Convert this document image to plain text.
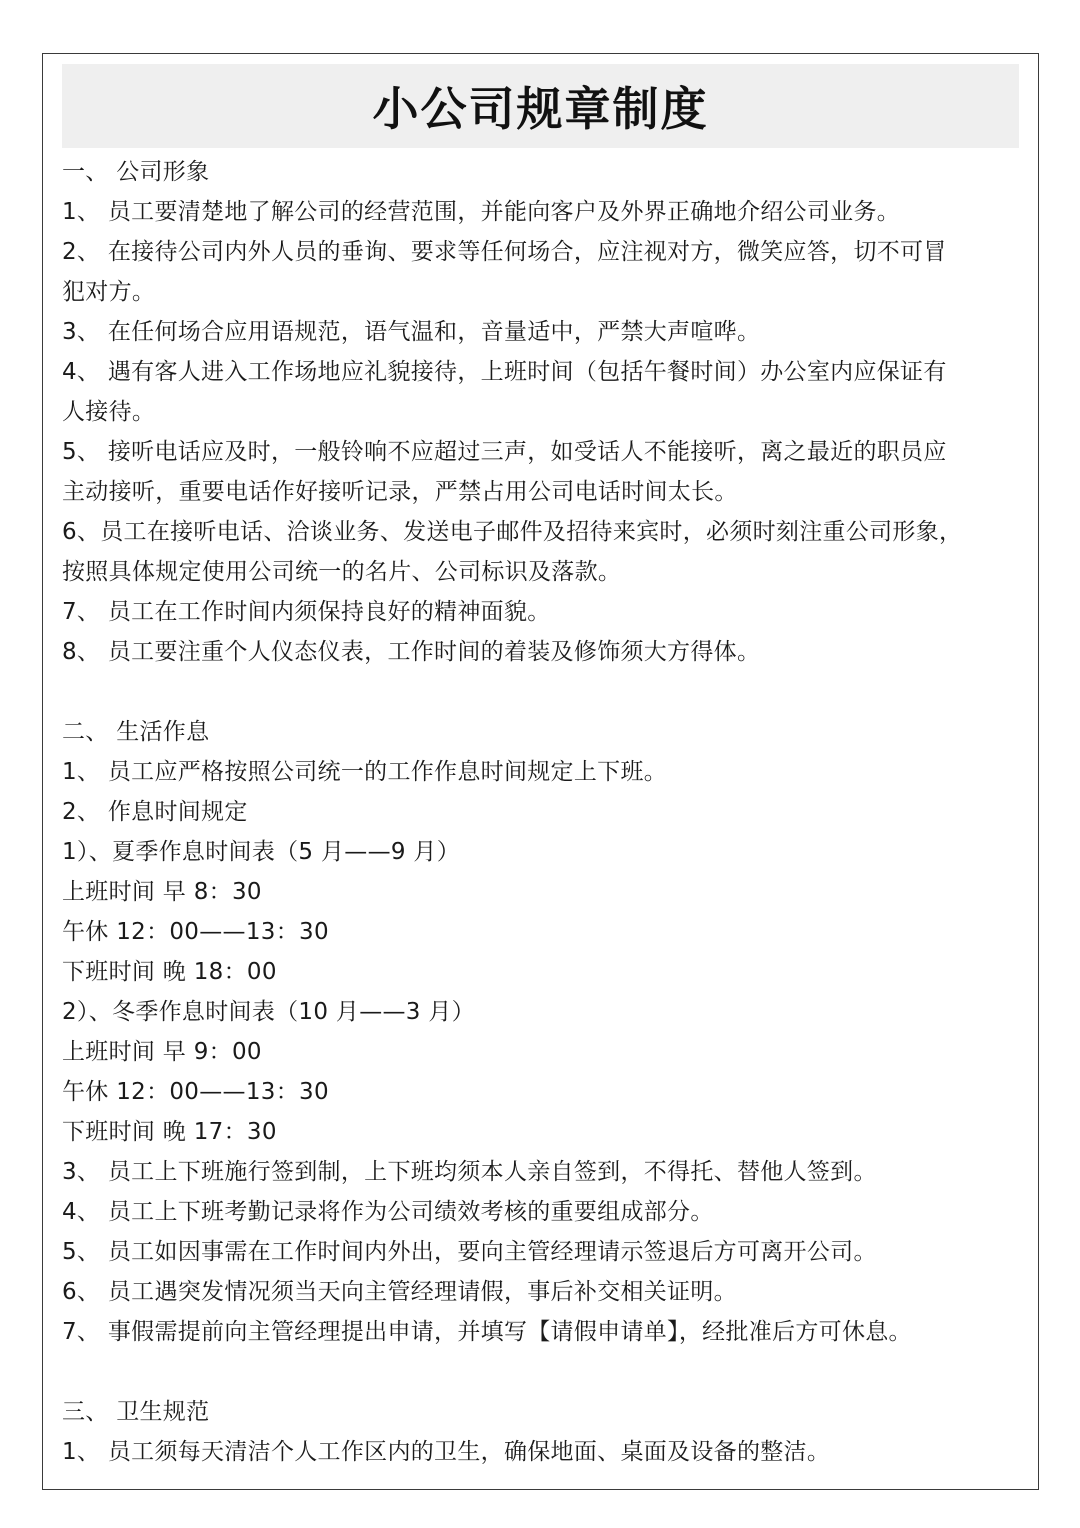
小公司规章制度
一、 公司形象
1、 员工要清楚地了解公司的经营范围，并能向客户及外界正确地介绍公司业务。
2、 在接待公司内外人员的垂询、要求等任何场合，应注视对方，微笑应答，切不可冒
犯对方。
3、 在任何场合应用语规范，语气温和，音量适中，严禁大声喧哗。
4、 遇有客人进入工作场地应礼貌接待，上班时间（包括午餐时间）办公室内应保证有
人接待。
5、 接听电话应及时，一般铃响不应超过三声，如受话人不能接听，离之最近的职员应
主动接听，重要电话作好接听记录，严禁占用公司电话时间太长。
6、员工在接听电话、洽谈业务、发送电子邮件及招待来宾时，必须时刻注重公司形象，
按照具体规定使用公司统一的名片、公司标识及落款。
7、 员工在工作时间内须保持良好的精神面貌。
8、 员工要注重个人仪态仪表，工作时间的着装及修饰须大方得体。
二、 生活作息
1、 员工应严格按照公司统一的工作作息时间规定上下班。
2、 作息时间规定
1）、夏季作息时间表（5 月——9 月）
上班时间 早 8：30
午休 12：00——13：30
下班时间 晚 18：00
2）、冬季作息时间表（10 月——3 月）
上班时间 早 9：00
午休 12：00——13：30
下班时间 晚 17：30
3、 员工上下班施行签到制，上下班均须本人亲自签到，不得托、替他人签到。
4、 员工上下班考勤记录将作为公司绩效考核的重要组成部分。
5、 员工如因事需在工作时间内外出，要向主管经理请示签退后方可离开公司。
6、 员工遇突发情况须当天向主管经理请假，事后补交相关证明。
7、 事假需提前向主管经理提出申请，并填写【请假申请单】，经批准后方可休息。
三、 卫生规范
1、 员工须每天清洁个人工作区内的卫生，确保地面、桌面及设备的整洁。
